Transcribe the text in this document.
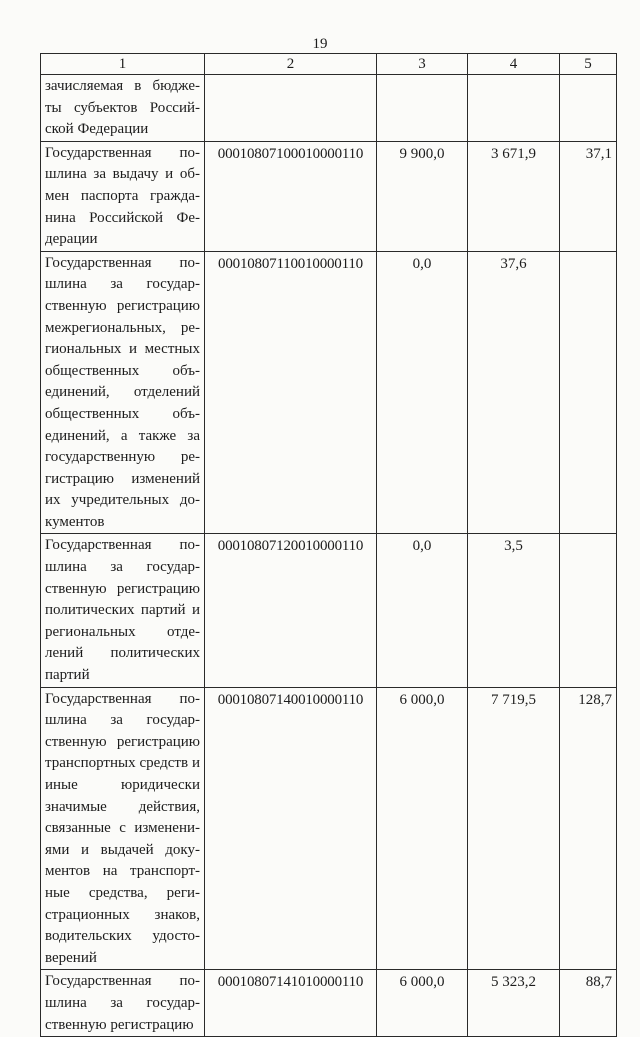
19
1	2	3	4	5
зачисляемая в бюдже-ты субъектов Россий-ской Федерации				
Государственная по-шлина за выдачу и об-мен паспорта гражда-нина Российской Фе-дерации	00010807100010000110	9 900,0	3 671,9	37,1
Государственная по-шлина за государ-ственную регистрацию межрегиональных, ре-гиональных и местных общественных объ-единений, отделений общественных объ-единений, а также за государственную ре-гистрацию изменений их учредительных до-кументов	00010807110010000110	0,0	37,6	
Государственная по-шлина за государ-ственную регистрацию политических партий и региональных отде-лений политических партий	00010807120010000110	0,0	3,5	
Государственная по-шлина за государ-ственную регистрацию транспортных средств и иные юридически значимые действия, связанные с изменени-ями и выдачей доку-ментов на транспорт-ные средства, реги-страционных знаков, водительских удосто-верений	00010807140010000110	6 000,0	7 719,5	128,7
Государственная по-шлина за государ-ственную регистрацию	00010807141010000110	6 000,0	5 323,2	88,7
